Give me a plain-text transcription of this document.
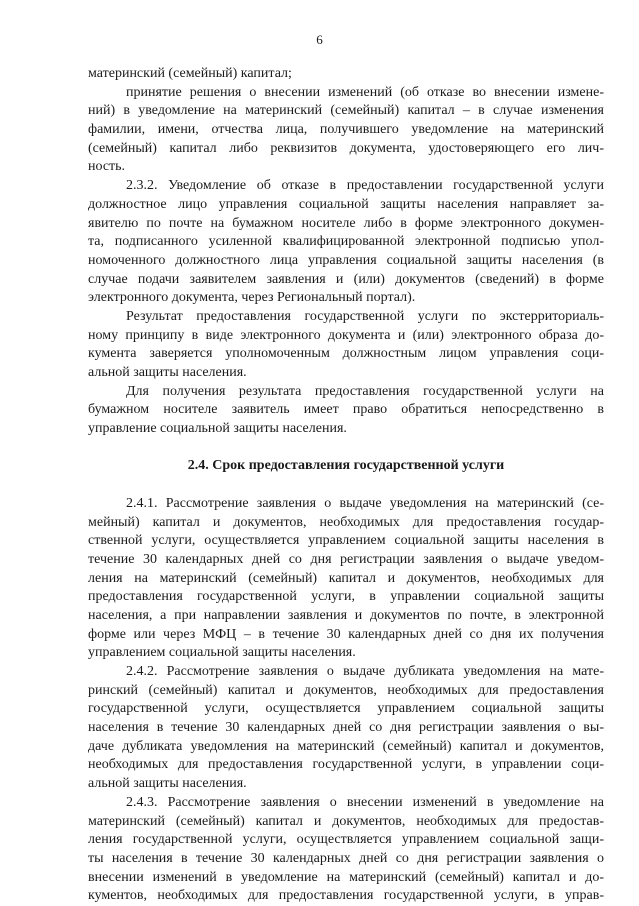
6
материнский (семейный) капитал;
принятие решения о внесении изменений (об отказе во внесении измене-
ний) в уведомление на материнский (семейный) капитал – в случае изменения
фамилии, имени, отчества лица, получившего уведомление на материнский
(семейный) капитал либо реквизитов документа, удостоверяющего его лич-
ность.
2.3.2. Уведомление об отказе в предоставлении государственной услуги
должностное лицо управления социальной защиты населения направляет за-
явителю по почте на бумажном носителе либо в форме электронного докумен-
та, подписанного усиленной квалифицированной электронной подписью упол-
номоченного должностного лица управления социальной защиты населения (в
случае подачи заявителем заявления и (или) документов (сведений) в форме
электронного документа, через Региональный портал).
Результат предоставления государственной услуги по экстерриториаль-
ному принципу в виде электронного документа и (или) электронного образа до-
кумента заверяется уполномоченным должностным лицом управления соци-
альной защиты населения.
Для получения результата предоставления государственной услуги на
бумажном носителе заявитель имеет право обратиться непосредственно в
управление социальной защиты населения.
2.4. Срок предоставления государственной услуги
2.4.1. Рассмотрение заявления о выдаче уведомления на материнский (се-
мейный) капитал и документов, необходимых для предоставления государ-
ственной услуги, осуществляется управлением социальной защиты населения в
течение 30 календарных дней со дня регистрации заявления о выдаче уведом-
ления на материнский (семейный) капитал и документов, необходимых для
предоставления государственной услуги, в управлении социальной защиты
населения, а при направлении заявления и документов по почте, в электронной
форме или через МФЦ – в течение 30 календарных дней со дня их получения
управлением социальной защиты населения.
2.4.2. Рассмотрение заявления о выдаче дубликата уведомления на мате-
ринский (семейный) капитал и документов, необходимых для предоставления
государственной услуги, осуществляется управлением социальной защиты
населения в течение 30 календарных дней со дня регистрации заявления о вы-
даче дубликата уведомления на материнский (семейный) капитал и документов,
необходимых для предоставления государственной услуги, в управлении соци-
альной защиты населения.
2.4.3. Рассмотрение заявления о внесении изменений в уведомление на
материнский (семейный) капитал и документов, необходимых для предостав-
ления государственной услуги, осуществляется управлением социальной защи-
ты населения в течение 30 календарных дней со дня регистрации заявления о
внесении изменений в уведомление на материнский (семейный) капитал и до-
кументов, необходимых для предоставления государственной услуги, в управ-
